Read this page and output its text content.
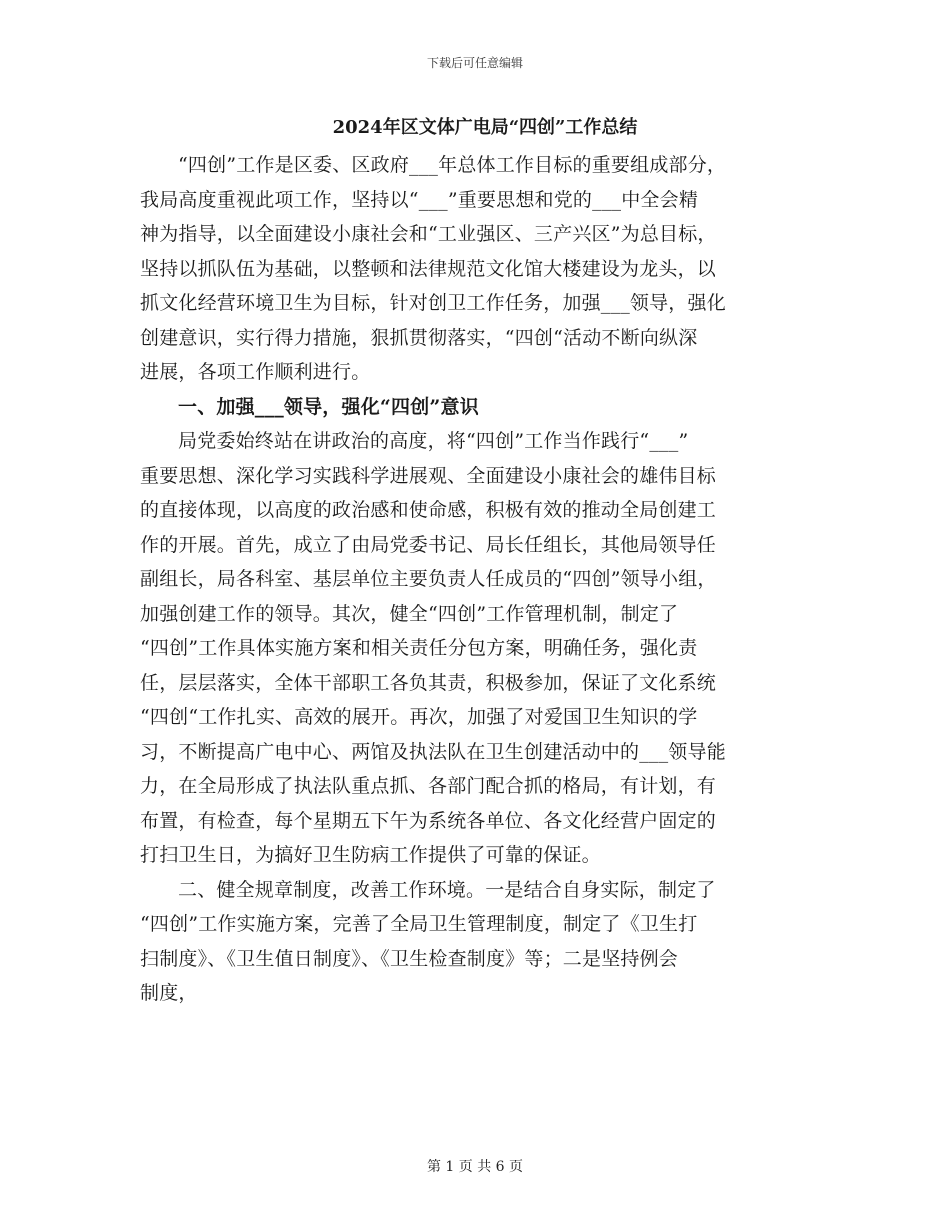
下载后可任意编辑
2024年区文体广电局“四创”工作总结
“四创”工作是区委、区政府___年总体工作目标的重要组成部分，
我局高度重视此项工作，坚持以“___”重要思想和党的___中全会精
神为指导，以全面建设小康社会和“工业强区、三产兴区”为总目标，
坚持以抓队伍为基础，以整顿和法律规范文化馆大楼建设为龙头，以
抓文化经营环境卫生为目标，针对创卫工作任务，加强___领导，强化
创建意识，实行得力措施，狠抓贯彻落实，“四创“活动不断向纵深
进展，各项工作顺利进行。
一、加强___领导，强化“四创”意识
局党委始终站在讲政治的高度，将“四创”工作当作践行“___”
重要思想、深化学习实践科学进展观、全面建设小康社会的雄伟目标
的直接体现，以高度的政治感和使命感，积极有效的推动全局创建工
作的开展。首先，成立了由局党委书记、局长任组长，其他局领导任
副组长，局各科室、基层单位主要负责人任成员的“四创”领导小组，
加强创建工作的领导。其次，健全“四创”工作管理机制，制定了
“四创”工作具体实施方案和相关责任分包方案，明确任务，强化责
任，层层落实，全体干部职工各负其责，积极参加，保证了文化系统
“四创“工作扎实、高效的展开。再次，加强了对爱国卫生知识的学
习，不断提高广电中心、两馆及执法队在卫生创建活动中的___领导能
力，在全局形成了执法队重点抓、各部门配合抓的格局，有计划，有
布置，有检查，每个星期五下午为系统各单位、各文化经营户固定的
打扫卫生日，为搞好卫生防病工作提供了可靠的保证。
二、健全规章制度，改善工作环境。一是结合自身实际，制定了
“四创”工作实施方案，完善了全局卫生管理制度，制定了《卫生打
扫制度》、《卫生值日制度》、《卫生检查制度》等；二是坚持例会
制度，
第 1 页 共 6 页
